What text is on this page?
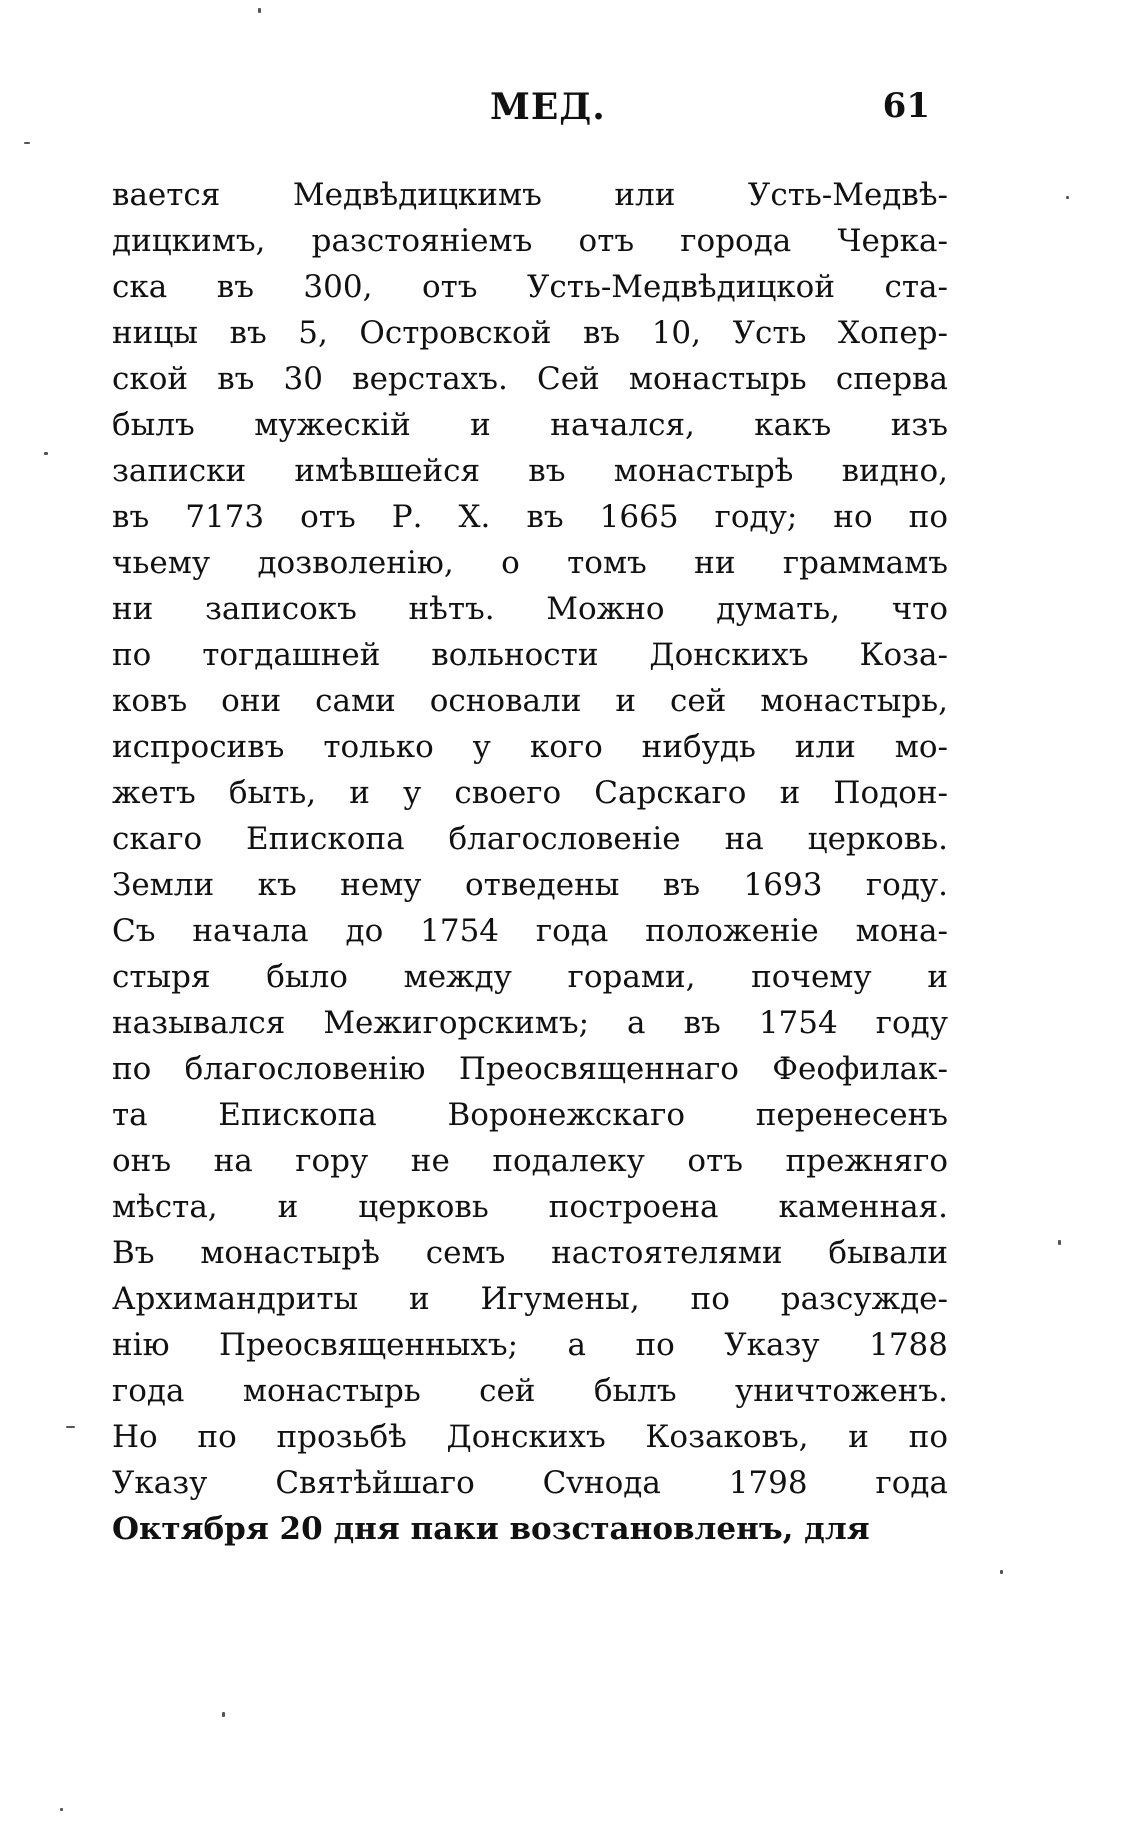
МЕД.	61
вается Медвѣдицкимъ или Усть-Медвѣ-
дицкимъ, разстоянiемъ отъ города Черка-
ска въ 300, отъ Усть-Медвѣдицкой ста-
ницы въ 5, Островской въ 10, Усть Хопер-
ской въ 30 верстахъ. Сей монастырь сперва
былъ мужескiй и начался, какъ изъ
записки имѣвшейся въ монастырѣ видно,
въ 7173 отъ Р. Х. въ 1665 году; но по
чьему дозволенiю, о томъ ни граммамъ
ни записокъ нѣтъ. Можно думать, что
по тогдашней вольности Донскихъ Коза-
ковъ они сами основали и сей монастырь,
испросивъ только у кого нибудь или мо-
жетъ быть, и у своего Сарскаго и Подон-
скаго Епископа благословенiе на церковь.
Земли къ нему отведены въ 1693 году.
Съ начала до 1754 года положенiе мона-
стыря было между горами, почему и
назывался Межигорскимъ; а въ 1754 году
по благословенiю Преосвященнаго Феофилак-
та Епископа Воронежскаго перенесенъ
онъ на гору не подалеку отъ прежняго
мѣста, и церковь построена каменная.
Въ монастырѣ семъ настоятелями бывали
Архимандриты и Игумены, по разсужде-
нiю Преосвященныхъ; а по Указу 1788
года монастырь сей былъ уничтоженъ.
Но по прозьбѣ Донскихъ Козаковъ, и по
Указу Святѣйшаго Сvнода 1798 года
Октября 20 дня паки возстановленъ, для
